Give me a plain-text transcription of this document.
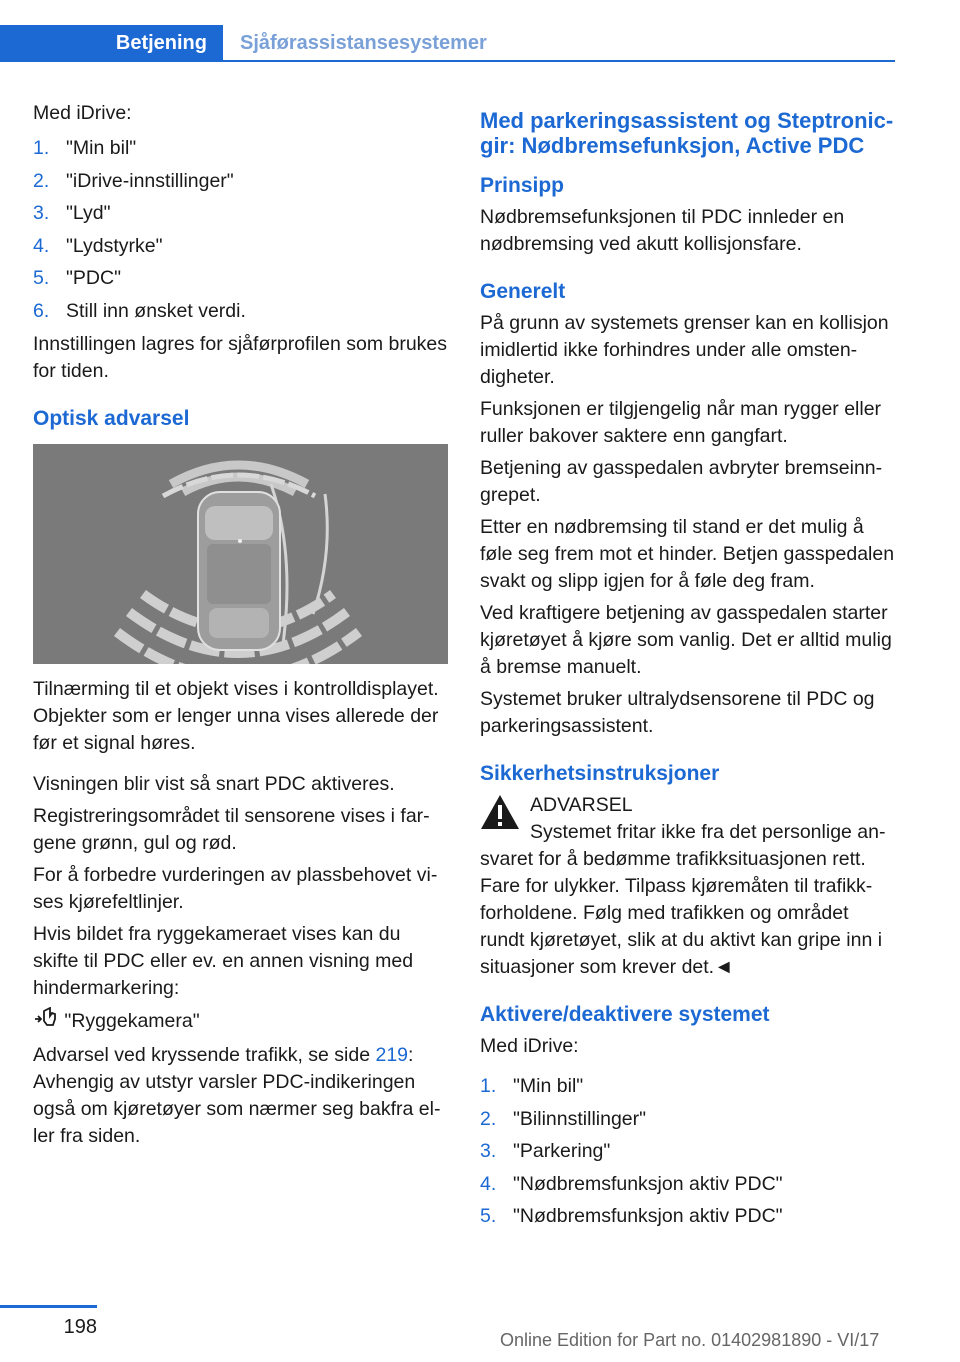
Betjening	Sjåførassistansesystemer

Med iDrive:

1. "Min bil"
2. "iDrive-innstillinger"
3. "Lyd"
4. "Lydstyrke"
5. "PDC"
6. Still inn ønsket verdi.

Innstillingen lagres for sjåførprofilen som brukes for tiden.

Optisk advarsel

Tilnærming til et objekt vises i kontrolldisplayet. Objekter som er lenger unna vises allerede der før et signal høres.

Visningen blir vist så snart PDC aktiveres.

Registreringsområdet til sensorene vises i fargene grønn, gul og rød.

For å forbedre vurderingen av plassbehovet vises kjørefeltlinjer.

Hvis bildet fra ryggekameraet vises kan du skifte til PDC eller ev. en annen visning med hindermarkering:

"Ryggekamera"

Advarsel ved kryssende trafikk, se side 219:

Avhengig av utstyr varsler PDC-indikeringen også om kjøretøyer som nærmer seg bakfra eller fra siden.

Med parkeringsassistent og Steptronic-gir: Nødbremsefunksjon, Active PDC
Prinsipp

Nødbremsefunksjonen til PDC innleder en nødbremsing ved akutt kollisjonsfare.

Generelt

På grunn av systemets grenser kan en kollisjon imidlertid ikke forhindres under alle omstendigheter.

Funksjonen er tilgjengelig når man rygger eller ruller bakover saktere enn gangfart.

Betjening av gasspedalen avbryter bremseinngrepet.

Etter en nødbremsing til stand er det mulig å føle seg frem mot et hinder. Betjen gasspedalen svakt og slipp igjen for å føle deg fram.

Ved kraftigere betjening av gasspedalen starter kjøretøyet å kjøre som vanlig. Det er alltid mulig å bremse manuelt.

Systemet bruker ultralydsensorene til PDC og parkeringsassistent.

Sikkerhetsinstruksjoner
ADVARSEL

Systemet fritar ikke fra det personlige ansvaret for å bedømme trafikksituasjonen rett. Fare for ulykker. Tilpass kjøremåten til trafikkforholdene. Følg med trafikken og området rundt kjøretøyet, slik at du aktivt kan gripe inn i situasjoner som krever det.◄

Aktivere/deaktivere systemet

Med iDrive:

1. "Min bil"
2. "Bilinnstillinger"
3. "Parkering"
4. "Nødbremsfunksjon aktiv PDC"
5. "Nødbremsfunksjon aktiv PDC"
198
Online Edition for Part no. 01402981890 - VI/17
